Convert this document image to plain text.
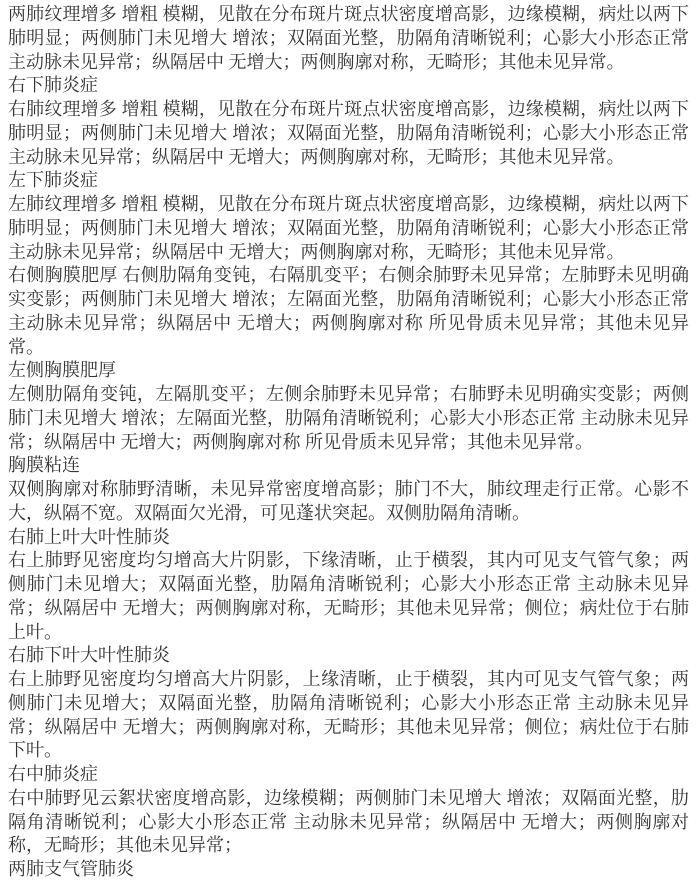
两肺纹理增多 增粗 模糊，见散在分布斑片斑点状密度增高影，边缘模糊，病灶以两下肺明显；两侧肺门未见增大 增浓；双隔面光整，肋隔角清晰锐利；心影大小形态正常 主动脉未见异常；纵隔居中 无增大；两侧胸廓对称，无畸形；其他未见异常。

右下肺炎症

右肺纹理增多 增粗 模糊，见散在分布斑片斑点状密度增高影，边缘模糊，病灶以两下肺明显；两侧肺门未见增大 增浓；双隔面光整，肋隔角清晰锐利；心影大小形态正常 主动脉未见异常；纵隔居中 无增大；两侧胸廓对称，无畸形；其他未见异常。

左下肺炎症

左肺纹理增多 增粗 模糊，见散在分布斑片斑点状密度增高影，边缘模糊，病灶以两下肺明显；两侧肺门未见增大 增浓；双隔面光整，肋隔角清晰锐利；心影大小形态正常 主动脉未见异常；纵隔居中 无增大；两侧胸廓对称，无畸形；其他未见异常。

右侧胸膜肥厚 右侧肋隔角变钝，右隔肌变平；右侧余肺野未见异常；左肺野未见明确实变影；两侧肺门未见增大 增浓；左隔面光整，肋隔角清晰锐利；心影大小形态正常 主动脉未见异常；纵隔居中 无增大；两侧胸廓对称 所见骨质未见异常；其他未见异常。

左侧胸膜肥厚

左侧肋隔角变钝，左隔肌变平；左侧余肺野未见异常；右肺野未见明确实变影；两侧肺门未见增大 增浓；左隔面光整，肋隔角清晰锐利；心影大小形态正常 主动脉未见异常；纵隔居中 无增大；两侧胸廓对称 所见骨质未见异常；其他未见异常。

胸膜粘连

双侧胸廓对称肺野清晰，未见异常密度增高影；肺门不大，肺纹理走行正常。心影不大，纵隔不宽。双隔面欠光滑，可见蓬状突起。双侧肋隔角清晰。

右肺上叶大叶性肺炎

右上肺野见密度均匀增高大片阴影，下缘清晰，止于横裂，其内可见支气管气象；两侧肺门未见增大；双隔面光整，肋隔角清晰锐利；心影大小形态正常 主动脉未见异常；纵隔居中 无增大；两侧胸廓对称，无畸形；其他未见异常；侧位；病灶位于右肺上叶。

右肺下叶大叶性肺炎

右上肺野见密度均匀增高大片阴影，上缘清晰，止于横裂，其内可见支气管气象；两侧肺门未见增大；双隔面光整，肋隔角清晰锐利；心影大小形态正常 主动脉未见异常；纵隔居中 无增大；两侧胸廓对称，无畸形；其他未见异常；侧位；病灶位于右肺下叶。

右中肺炎症

右中肺野见云絮状密度增高影，边缘模糊；两侧肺门未见增大 增浓；双隔面光整，肋隔角清晰锐利；心影大小形态正常 主动脉未见异常；纵隔居中 无增大；两侧胸廓对称，无畸形；其他未见异常；

两肺支气管肺炎
